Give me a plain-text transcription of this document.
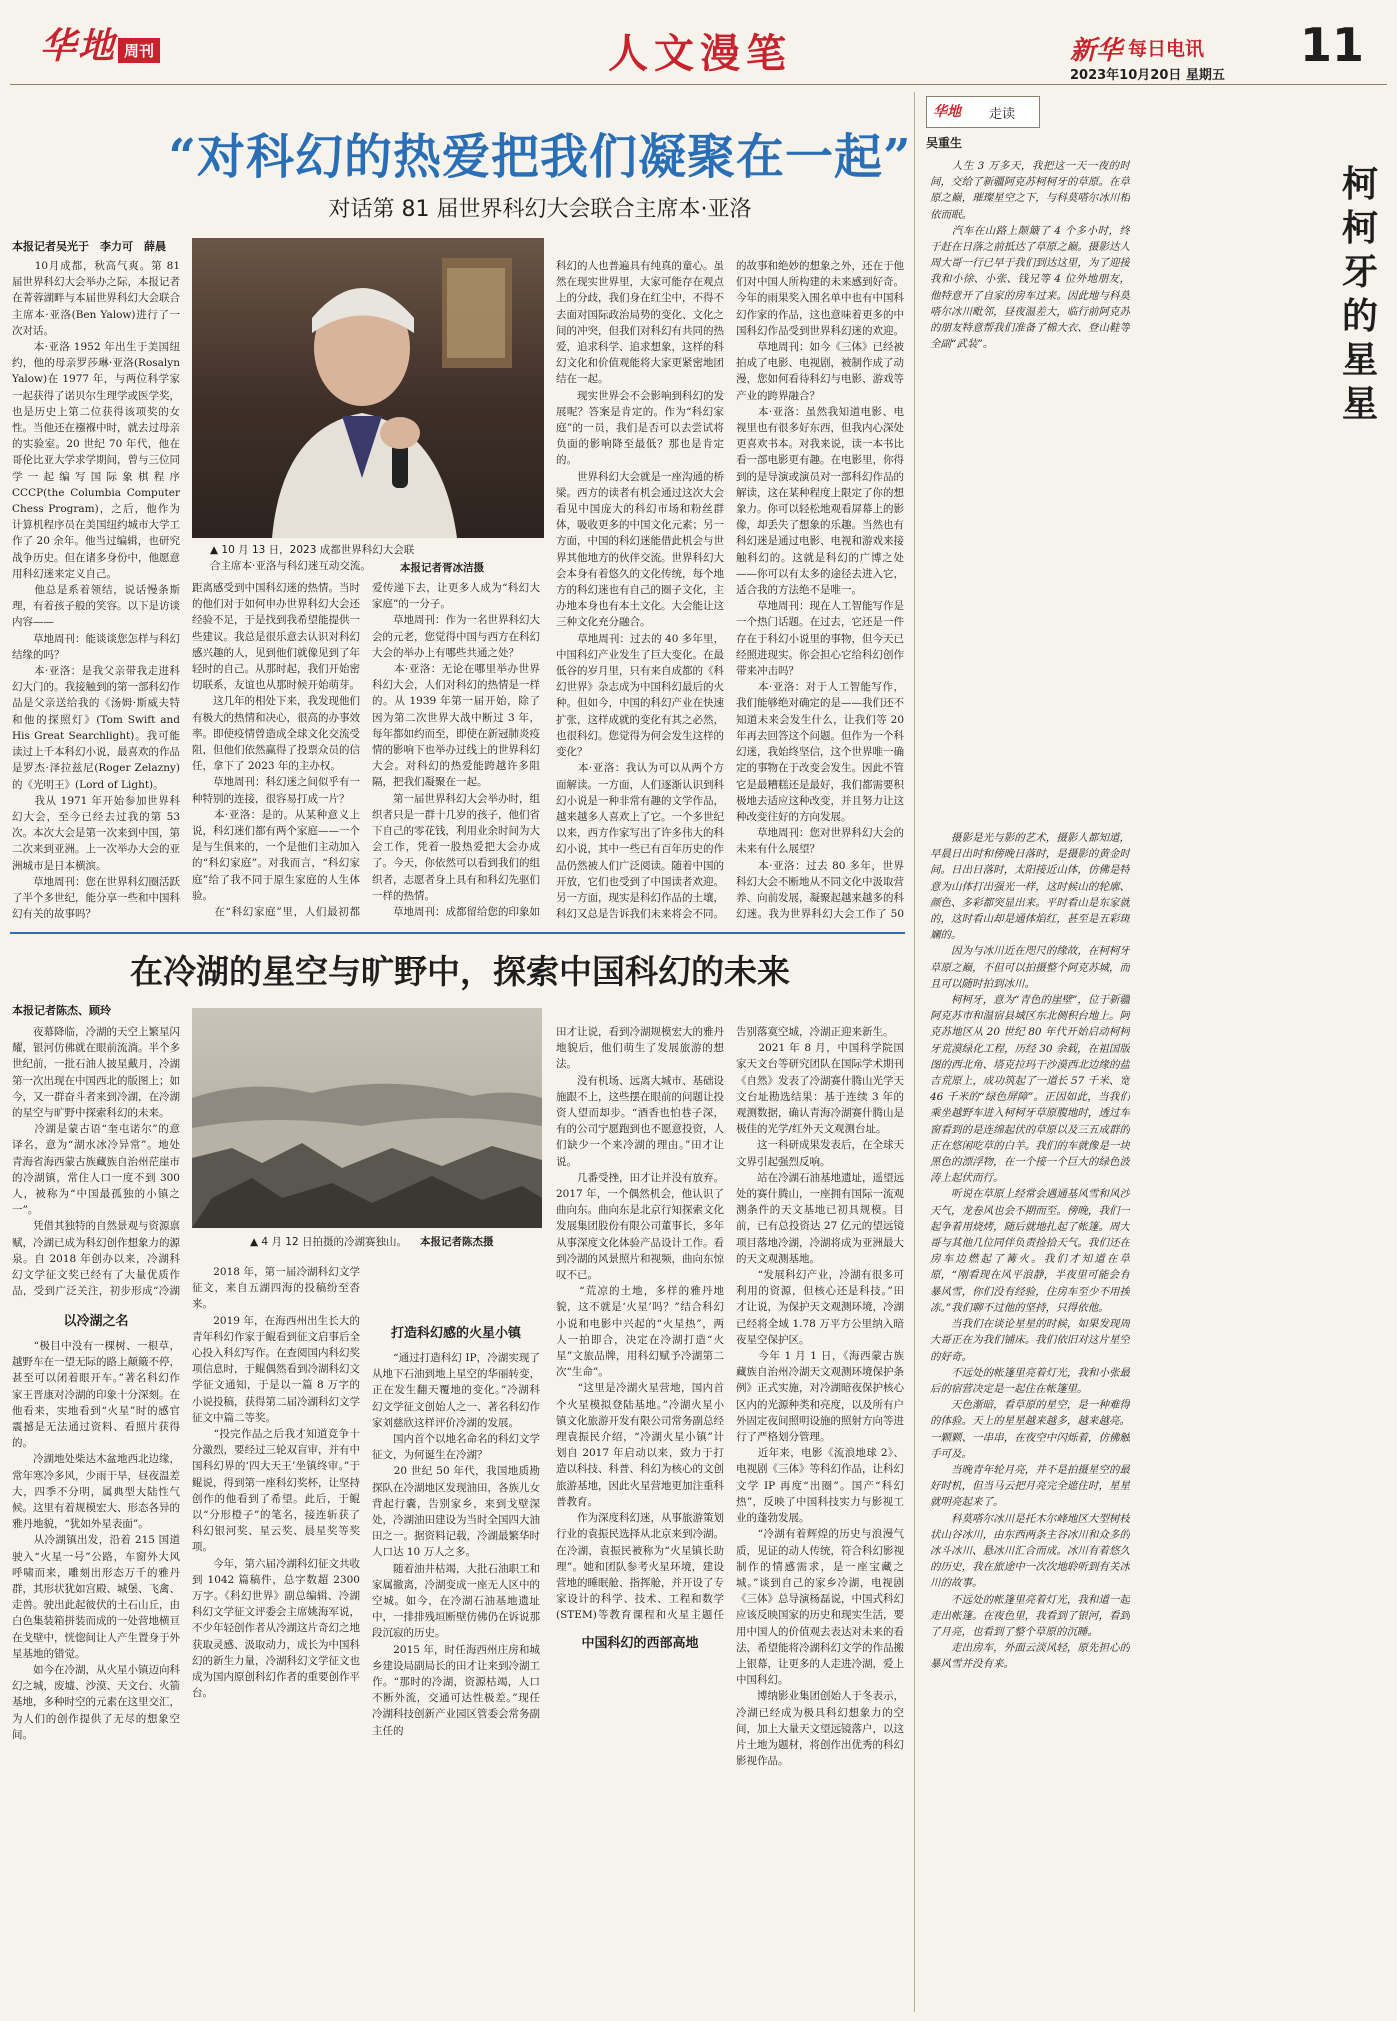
华地 周刊	人文漫笔	新华 每日电讯 11
2023年10月20日 星期五
“对科幻的热爱把我们凝聚在一起”
对话第 81 届世界科幻大会联合主席本·亚洛
本报记者吴光于　李力可　薛晨
▲ 10 月 13 日，2023 成都世界科幻大会联合主席本·亚洛与科幻迷互动交流。	本报记者胥冰洁摄
　　10月成都，秋高气爽。第 81 届世界科幻大会举办之际，本报记者在菁蓉湖畔与本届世界科幻大会联合主席本·亚洛(Ben Yalow)进行了一次对话。
　　本·亚洛 1952 年出生于美国纽约，他的母亲罗莎琳·亚洛(Rosalyn Yalow)在 1977 年，与两位科学家一起获得了诺贝尔生理学或医学奖，也是历史上第二位获得该项奖的女性。当他还在襁褓中时，就去过母亲的实验室。20 世纪 70 年代，他在哥伦比亚大学求学期间，曾与三位同学一起编写国际象棋程序 CCCP(the Columbia Computer Chess Program)，之后，他作为计算机程序员在美国纽约城市大学工作了 20 余年。他当过编辑，也研究战争历史。但在诸多身份中，他愿意用科幻迷来定义自己。
　　他总是系着领结，说话慢条斯理，有着孩子般的笑容。以下是访谈内容——
　　草地周刊：能谈谈您怎样与科幻结缘的吗？
　　本·亚洛：是我父亲带我走进科幻大门的。我接触到的第一部科幻作品是父亲送给我的《汤姆·斯威夫特和他的探照灯》(Tom Swift and His Great Searchlight)。我可能读过上千本科幻小说，最喜欢的作品是罗杰·泽拉兹尼(Roger Zelazny)的《光明王》(Lord of Light)。
　　我从 1971 年开始参加世界科幻大会，至今已经去过我的第 53 次。本次大会是第一次来到中国，第二次来到亚洲。上一次举办大会的亚洲城市是日本横滨。
　　草地周刊：您在世界科幻圈活跃了半个多世纪，能分享一些和中国科幻有关的故事吗？

距离感受到中国科幻迷的热情。当时的他们对于如何申办世界科幻大会还经验不足，于是找到我希望能提供一些建议。我总是很乐意去认识对科幻感兴趣的人，见到他们就像见到了年轻时的自己。从那时起，我们开始密切联系，友谊也从那时候开始萌芽。
　　这几年的相处下来，我发现他们有极大的热情和决心，很高的办事效率。即使疫情曾造成全球文化交流受阻，但他们依然赢得了投票众员的信任，拿下了 2023 年的主办权。
　　草地周刊：科幻迷之间似乎有一种特别的连接，很容易打成一片？
　　本·亚洛：是的。从某种意义上说，科幻迷们都有两个家庭——一个是与生俱来的，一个是他们主动加入的“科幻家庭”。对我而言，“科幻家庭”给了我不同于原生家庭的人生体验。
　　在“科幻家庭”里，人们最初都

爱传递下去，让更多人成为“科幻大家庭”的一分子。
　　草地周刊：作为一名世界科幻大会的元老，您觉得中国与西方在科幻大会的举办上有哪些共通之处？
　　本·亚洛：无论在哪里举办世界科幻大会，人们对科幻的热情是一样的。从 1939 年第一届开始，除了因为第二次世界大战中断过 3 年，每年都如约而至，即使在新冠肺炎疫情的影响下也举办过线上的世界科幻大会。对科幻的热爱能跨越许多阻隔，把我们凝聚在一起。
　　第一届世界科幻大会举办时，组织者只是一群十几岁的孩子，他们省下自己的零花钱，利用业余时间为大会工作，凭着一股热爱把大会办成了。今天，你依然可以看到我们的组织者，志愿者身上具有和科幻先驱们一样的热情。
　　草地周刊：成都留给您的印象如

科幻的人也普遍具有纯真的童心。虽然在现实世界里，大家可能存在观点上的分歧，我们身在红尘中，不得不去面对国际政治局势的变化、文化之间的冲突，但我们对科幻有共同的热爱，追求科学、追求想象，这样的科幻文化和价值观能将大家更紧密地团结在一起。
　　现实世界会不会影响到科幻的发展呢？答案是肯定的。作为“科幻家庭”的一员，我们是否可以去尝试将负面的影响降至最低？那也是肯定的。
　　世界科幻大会就是一座沟通的桥梁。西方的读者有机会通过这次大会看见中国庞大的科幻市场和粉丝群体，吸收更多的中国文化元素；另一方面，中国的科幻迷能借此机会与世界其他地方的伙伴交流。世界科幻大会本身有着悠久的文化传统，每个地方的科幻迷也有自己的圈子文化，主办地本身也有本土文化。大会能让这三种文化充分融合。
　　草地周刊：过去的 40 多年里，中国科幻产业发生了巨大变化。在最低谷的岁月里，只有来自成都的《科幻世界》杂志成为中国科幻最后的火种。但如今，中国的科幻产业在快速扩张，这样成就的变化有其之必然，也很科幻。您觉得为何会发生这样的变化？
　　本·亚洛：我认为可以从两个方面解读。一方面，人们逐渐认识到科幻小说是一种非常有趣的文学作品，越来越多人喜欢上了它。一个多世纪以来，西方作家写出了许多伟大的科幻小说，其中一些已有百年历史的作品仍然被人们广泛阅读。随着中国的开放，它们也受到了中国读者欢迎。另一方面，现实是科幻作品的土壤，科幻又总是告诉我们未来将会不同。

的故事和绝妙的想象之外，还在于他们对中国人所构建的未来感到好奇。今年的雨果奖入围名单中也有中国科幻作家的作品，这也意味着更多的中国科幻作品受到世界科幻迷的欢迎。
　　草地周刊：如今《三体》已经被拍成了电影、电视剧，被制作成了动漫，您如何看待科幻与电影、游戏等产业的跨界融合？
　　本·亚洛：虽然我知道电影、电视里也有很多好东西，但我内心深处更喜欢书本。对我来说，读一本书比看一部电影更有趣。在电影里，你得到的是导演或演员对一部科幻作品的解读，这在某种程度上限定了你的想象力。你可以轻松地观看屏幕上的影像，却丢失了想象的乐趣。当然也有科幻迷是通过电影、电视和游戏来接触科幻的。这就是科幻的广博之处——你可以有太多的途径去进入它，适合我的方法绝不是唯一。
　　草地周刊：现在人工智能写作是一个热门话题。在过去，它还是一件存在于科幻小说里的事物，但今天已经照进现实。你会担心它给科幻创作带来冲击吗？
　　本·亚洛：对于人工智能写作，我们能够绝对确定的是——我们还不知道未来会发生什么，让我们等 20 年再去回答这个问题。但作为一个科幻迷，我始终坚信，这个世界唯一确定的事物在于改变会发生。因此不管它是最糟糕还是最好，我们都需要积极地去适应这种改变，并且努力让这种改变往好的方向发展。
　　草地周刊：您对世界科幻大会的未来有什么展望？
　　本·亚洛：过去 80 多年，世界科幻大会不断地从不同文化中汲取营养、向前发展，凝聚起越来越多的科幻迷。我为世界科幻大会工作了 50

在冷湖的星空与旷野中，探索中国科幻的未来
本报记者陈杰、顾玲
▲ 4 月 12 日拍摄的冷湖赛独山。 本报记者陈杰摄
以冷湖之名
打造科幻感的火星小镇
中国科幻的西部高地
　　夜幕降临，冷湖的天空上繁星闪耀，银河仿佛就在眼前流淌。半个多世纪前，一批石油人披星戴月，冷湖第一次出现在中国西北的版图上；如今，又一群奋斗者来到冷湖，在冷湖的星空与旷野中探索科幻的未来。
　　冷湖是蒙古语“奎屯诺尔”的意译名，意为“湖水冰冷异常”。地处青海省海西蒙古族藏族自治州茫崖市的冷湖镇，常住人口一度不到 300 人，被称为“中国最孤独的小镇之一”。
　　凭借其独特的自然景观与资源禀赋，冷湖已成为科幻创作想象力的源泉。自 2018 年创办以来，冷湖科幻文学征文奖已经有了大量优质作品，受到广泛关注，初步形成“冷湖
　　“极目中没有一棵树、一根草，越野车在一望无际的路上颠簸不停，甚至可以闭着眼开车。”著名科幻作家王晋康对冷湖的印象十分深刻。在他看来，实地看到“火星”时的感官震撼是无法通过资料、看照片获得的。
　　冷湖地处柴达木盆地西北边缘，常年寒冷多风，少雨干旱，昼夜温差大，四季不分明，属典型大陆性气候。这里有着规模宏大、形态各异的雅丹地貌，“犹如外星表面”。
　　从冷湖镇出发，沿着 215 国道驶入“火星一号”公路，车窗外大风呼啸而来，雕刻出形态万千的雅丹群，其形状犹如宫殿、城堡、飞禽、走兽。驶出此起彼伏的土石山丘，由白色集装箱拼装而成的一处营地横亘在戈壁中，恍惚间让人产生置身于外星基地的错觉。
　　如今在冷湖，从火星小镇迈向科幻之城，废墟、沙漠、天文台、火箭基地，多种时空的元素在这里交汇，为人们的创作提供了无尽的想象空间。
　　2018 年，第一届冷湖科幻文学征文，来自五湖四海的投稿纷至沓来。
　　2019 年，在海西州出生长大的青年科幻作家于鲲看到征文启事后全心投入科幻写作。在查阅国内科幻奖项信息时，于鲲偶然看到冷湖科幻文学征文通知，于是以一篇 8 万字的小说投稿，获得第二届冷湖科幻文学征文中篇二等奖。
　　“投完作品之后我才知道竞争十分激烈，要经过三轮双盲审，并有中国科幻界的‘四大天王’坐镇终审。”于鲲说，得到第一座科幻奖杯，让坚持创作的他看到了希望。此后，于鲲以“分形橙子”的笔名，接连斩获了科幻银河奖、星云奖、晨星奖等奖项。
　　今年，第六届冷湖科幻征文共收到 1042 篇稿件，总字数超 2300 万字。《科幻世界》副总编辑、冷湖科幻文学征文评委会主席姚海军说，不少年轻创作者从冷湖这片奇幻之地获取灵感、汲取动力，成长为中国科幻的新生力量，冷湖科幻文学征文也成为国内原创科幻作者的重要创作平台。
　　“通过打造科幻 IP，冷湖实现了从地下石油到地上星空的华丽转变，正在发生翻天覆地的变化。”冷湖科幻文学征文创始人之一、著名科幻作家刘慈欣这样评价冷湖的发展。
　　国内首个以地名命名的科幻文学征文，为何诞生在冷湖？
　　20 世纪 50 年代，我国地质勘探队在冷湖地区发现油田，各族儿女背起行囊，告别家乡，来到戈壁深处，冷湖油田建设为当时全国四大油田之一。据资料记载，冷湖最繁华时人口达 10 万人之多。
　　随着油井枯竭，大批石油职工和家属撤离，冷湖变成一座无人区中的空城。如今，在冷湖石油基地遗址中，一排排残垣断壁仿佛仍在诉说那段沉寂的历史。
　　2015 年，时任海西州庄房和城乡建设局副局长的田才让来到冷湖工作。“那时的冷湖，资源枯竭，人口不断外流，交通可达性极差。”现任冷湖科技创新产业园区管委会常务副主任的
田才让说，看到冷湖规模宏大的雅丹地貌后，他们萌生了发展旅游的想法。
　　没有机场、远离大城市、基础设施跟不上，这些摆在眼前的问题让投资人望而却步。“酒香也怕巷子深，有的公司宁愿跑到也不愿意投资，人们缺少一个来冷湖的理由。”田才让说。
　　几番受挫，田才让并没有放弃。2017 年，一个偶然机会，他认识了曲向东。曲向东是北京行知探索文化发展集团股份有限公司董事长，多年从事深度文化体验产品设计工作。看到冷湖的风景照片和视频，曲向东惊叹不已。
　　“荒凉的土地，多样的雅丹地貌，这不就是‘火星’吗？”结合科幻小说和电影中兴起的“火星热”，两人一拍即合，决定在冷湖打造“火星”文旅品牌，用科幻赋予冷湖第二次“生命”。
　　“这里是冷湖火星营地，国内首个火星模拟登陆基地。”冷湖火星小镇文化旅游开发有限公司常务副总经理袁振民介绍，“冷湖火星小镇”计划自 2017 年启动以来，致力于打造以科技、科普、科幻为核心的文创旅游基地，因此火星营地更加注重科普教育。
　　作为深度科幻迷，从事旅游策划行业的袁振民选择从北京来到冷湖。在冷湖，袁振民被称为“火星镇长助理”。她和团队参考火星环境，建设营地的睡眠舱、指挥舱，并开设了专家设计的科学、技术、工程和数学(STEM)等教育课程和火星主题任

告别落寞空城，冷湖正迎来新生。
　　2021 年 8 月，中国科学院国家天文台等研究团队在国际学术期刊《自然》发表了冷湖赛什腾山光学天文台址勘选结果：基于连续 3 年的观测数据，确认青海冷湖赛什腾山是极佳的光学/红外天文观测台址。
　　这一科研成果发表后，在全球天文界引起强烈反响。
　　站在冷湖石油基地遗址，遥望远处的赛什腾山，一座拥有国际一流观测条件的天文基地已初具规模。目前，已有总投资达 27 亿元的望远镜项目落地冷湖，冷湖将成为亚洲最大的天文观测基地。
　　“发展科幻产业，冷湖有很多可利用的资源，但核心还是科技。”田才让说，为保护天文观测环境，冷湖已经将全域 1.78 万平方公里纳入暗夜星空保护区。
　　今年 1 月 1 日，《海西蒙古族藏族自治州冷湖天文观测环境保护条例》正式实施，对冷湖暗夜保护核心区内的光源种类和亮度，以及所有户外固定夜间照明设施的照射方向等进行了严格划分管理。
　　近年来，电影《流浪地球 2》、电视剧《三体》等科幻作品，让科幻文学 IP 再度“出圈”。国产“科幻热”，反映了中国科技实力与影视工业的蓬勃发展。
　　“冷湖有着辉煌的历史与浪漫气质，见证的动人传统，符合科幻影视制作的情感需求，是一座宝藏之城。”谈到自己的家乡冷湖，电视剧《三体》总导演杨磊说，中国式科幻应该反映国家的历史和现实生活，要用中国人的价值观去表达对未来的看法，希望能将冷湖科幻文学的作品搬上银幕，让更多的人走进冷湖，爱上中国科幻。
　　博纳影业集团创始人于冬表示，冷湖已经成为极具科幻想象力的空间，加上大量天文望远镜落户，以这片土地为题材，将创作出优秀的科幻影视作品。
华地 走读
吴重生
柯柯牙的星星
　　人生 3 万多天，我把这一天一夜的时间，交给了新疆阿克苏柯柯牙的草原。在草原之巅，璀璨星空之下，与科莫嗒尔冰川相依而眠。
　　汽车在山路上颠簸了 4 个多小时，终于赶在日落之前抵达了草原之巅。摄影达人周大哥一行已早于我们到达这里，为了迎接我和小徐、小张、钱兄等 4 位外地朋友，他特意开了自家的房车过来。因此地与科莫嗒尔冰川毗邻，昼夜温差大，临行前阿克苏的朋友特意帮我们准备了棉大衣、登山鞋等全副“武装”。
　　摄影是光与影的艺术，摄影人都知道，早晨日出时和傍晚日落时，是摄影的黄金时间。日出日落时，太阳接近山体，仿佛是特意为山体打出强光一样，这时候山的轮廓、颜色、多彩都突显出来。平时看山是东家就的，这时看山却是通体焰红，甚至是五彩斑斓的。
　　因为与冰川近在咫尺的缘故，在柯柯牙草原之巅，不但可以拍摄整个阿克苏城，而且可以随时拍到冰川。
　　柯柯牙，意为“青色的崖壁”，位于新疆阿克苏市和温宿县城区东北侧积台地上。阿克苏地区从 20 世纪 80 年代开始启动柯柯牙荒漠绿化工程，历经 30 余载，在祖国版图的西北角、塔克拉玛干沙漠西北边缘的盐吉荒原上，成功筑起了一道长 57 千米、宽 46 千米的“绿色屏障”。正因如此，当我们乘坐越野车进入柯柯牙草原腹地时，透过车窗看到的是连绵起伏的草原以及三五成群的正在悠闲吃草的白羊。我们的车就像是一块黑色的漂浮物，在一个接一个巨大的绿色波涛上起伏而行。
　　听说在草原上经常会遇通基风雪和风沙天气，龙卷风也会不期而至。傍晚，我们一起争着用烧烤，随后就地扎起了帐篷。周大哥与其他几位同伴负责捡拾天气。我们还在房车边燃起了篝火。我们才知道在草原，“刚看现在风平浪静，半夜里可能会有暴风雪，你们没有经验，住房车至少不用挨冻。”我们聊不过他的坚持，只得依他。
　　当我们在谈论星星的时候，如果发现周大哥正在为我们铺床。我们依旧对这片星空的好奇。
　　不远处的帐篷里亮着灯光，我和小张最后的宿营决定是一起住在帐篷里。
　　天色渐暗，看草原的星空，是一种难得的体验。天上的星星越来越多，越来越亮。一颗颗、一串串，在夜空中闪烁着，仿佛触手可及。
　　当晚青年轮月亮，并不是拍摄星空的最好时机，但当马云把月亮完全遮住时，星星就明亮起来了。
　　科莫嗒尔冰川是托木尔峰地区大型树枝状山谷冰川，由东西两条主谷冰川和众多的冰斗冰川、悬冰川汇合而成。冰川有着悠久的历史，我在旅途中一次次地聆听到有关冰川的故事。
　　不远处的帐篷里亮着灯光，我和道一起走出帐篷。在夜色里，我看到了银河，看到了月亮，也看到了整个草原的沉睡。
　　走出房车，外面云淡风轻，原先担心的暴风雪并没有来。
